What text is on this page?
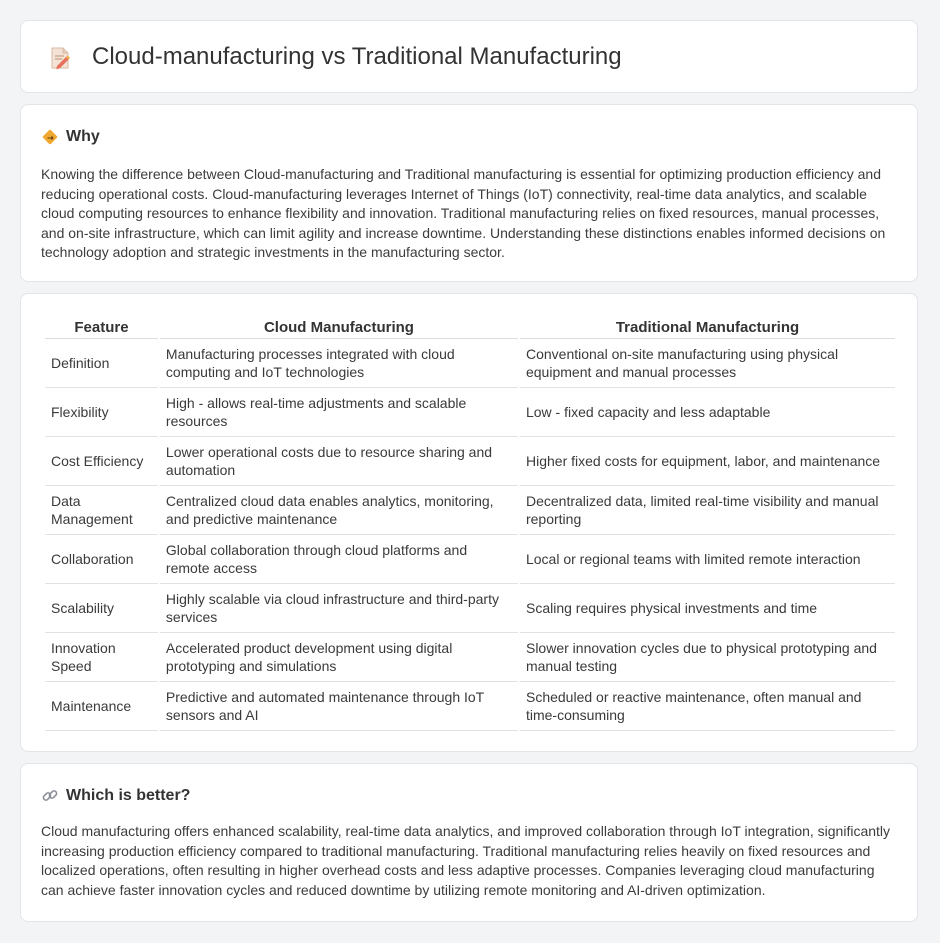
Cloud-manufacturing vs Traditional Manufacturing
Why

Knowing the difference between Cloud-manufacturing and Traditional manufacturing is essential for optimizing production efficiency and reducing operational costs. Cloud-manufacturing leverages Internet of Things (IoT) connectivity, real-time data analytics, and scalable cloud computing resources to enhance flexibility and innovation. Traditional manufacturing relies on fixed resources, manual processes, and on-site infrastructure, which can limit agility and increase downtime. Understanding these distinctions enables informed decisions on technology adoption and strategic investments in the manufacturing sector.

Feature	Cloud Manufacturing	Traditional Manufacturing
Definition	Manufacturing processes integrated with cloud computing and IoT technologies	Conventional on-site manufacturing using physical equipment and manual processes
Flexibility	High - allows real-time adjustments and scalable resources	Low - fixed capacity and less adaptable
Cost Efficiency	Lower operational costs due to resource sharing and automation	Higher fixed costs for equipment, labor, and maintenance
Data Management	Centralized cloud data enables analytics, monitoring, and predictive maintenance	Decentralized data, limited real-time visibility and manual reporting
Collaboration	Global collaboration through cloud platforms and remote access	Local or regional teams with limited remote interaction
Scalability	Highly scalable via cloud infrastructure and third-party services	Scaling requires physical investments and time
Innovation Speed	Accelerated product development using digital prototyping and simulations	Slower innovation cycles due to physical prototyping and manual testing
Maintenance	Predictive and automated maintenance through IoT sensors and AI	Scheduled or reactive maintenance, often manual and time-consuming
Which is better?

Cloud manufacturing offers enhanced scalability, real-time data analytics, and improved collaboration through IoT integration, significantly increasing production efficiency compared to traditional manufacturing. Traditional manufacturing relies heavily on fixed resources and localized operations, often resulting in higher overhead costs and less adaptive processes. Companies leveraging cloud manufacturing can achieve faster innovation cycles and reduced downtime by utilizing remote monitoring and AI-driven optimization.
